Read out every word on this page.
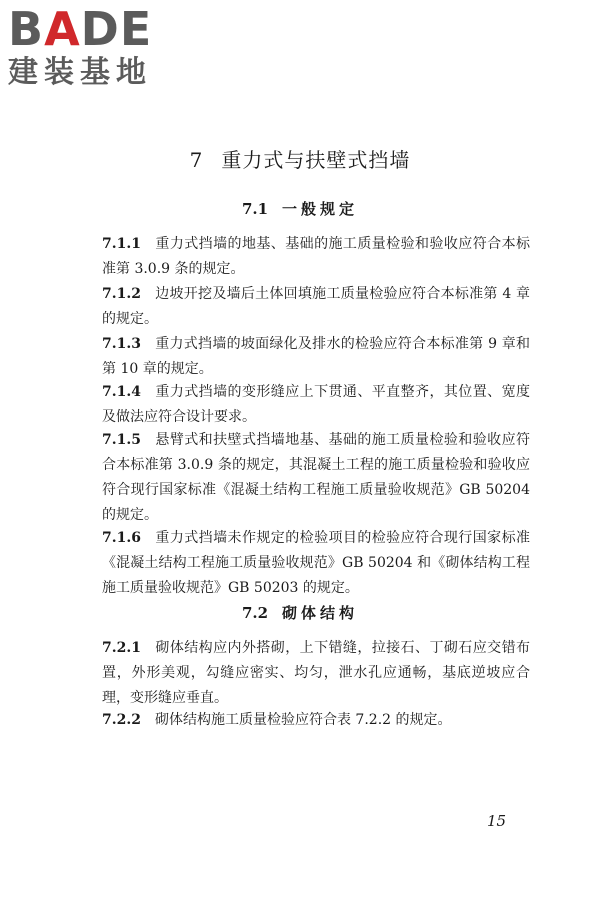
BADE
建装基地
7 重力式与扶壁式挡墙
7.1 一般规定
7.1.1 重力式挡墙的地基、基础的施工质量检验和验收应符合本标准第 3.0.9 条的规定。
7.1.2 边坡开挖及墙后土体回填施工质量检验应符合本标准第 4 章的规定。
7.1.3 重力式挡墙的坡面绿化及排水的检验应符合本标准第 9 章和第 10 章的规定。
7.1.4 重力式挡墙的变形缝应上下贯通、平直整齐，其位置、宽度及做法应符合设计要求。
7.1.5 悬臂式和扶壁式挡墙地基、基础的施工质量检验和验收应符合本标准第 3.0.9 条的规定，其混凝土工程的施工质量检验和验收应符合现行国家标准《混凝土结构工程施工质量验收规范》GB 50204 的规定。
7.1.6 重力式挡墙未作规定的检验项目的检验应符合现行国家标准《混凝土结构工程施工质量验收规范》GB 50204 和《砌体结构工程施工质量验收规范》GB 50203 的规定。
7.2 砌体结构
7.2.1 砌体结构应内外搭砌，上下错缝，拉接石、丁砌石应交错布置，外形美观，勾缝应密实、均匀，泄水孔应通畅，基底逆坡应合理，变形缝应垂直。
7.2.2 砌体结构施工质量检验应符合表 7.2.2 的规定。
15
